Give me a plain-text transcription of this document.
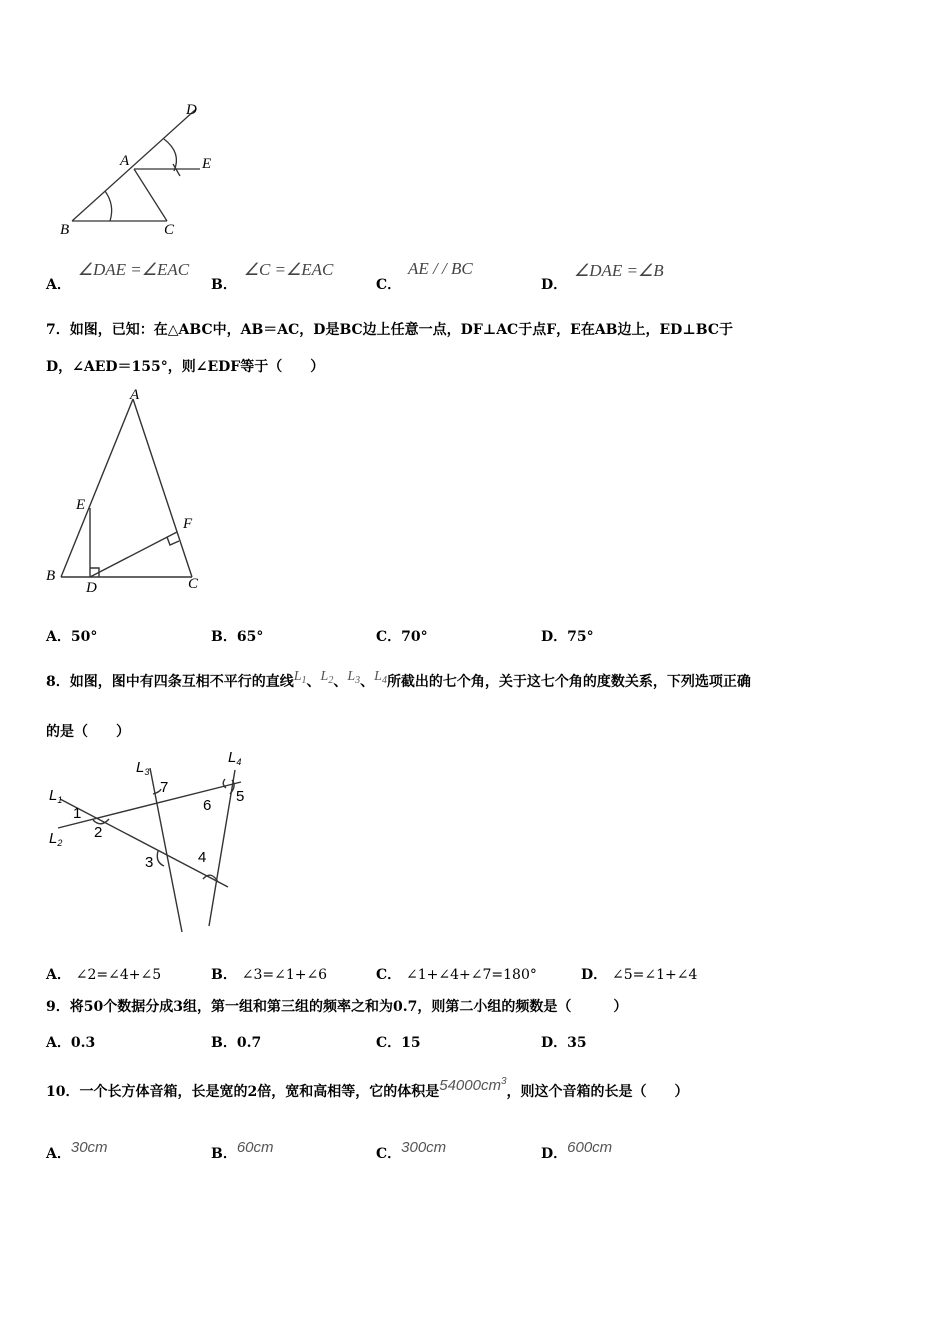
D
A	E
B	C
A． ∠DAE =∠EAC
B． ∠C =∠EAC
C． AE / / BC
D． ∠DAE =∠B
7．如图，已知：在△ABC中，AB＝AC，D是BC边上任意一点，DF⊥AC于点F，E在AB边上，ED⊥BC于
D，∠AED＝155°，则∠EDF等于（　　）
A
E
F
B
D	C
A．50°	B．65°	C．70°	D．75°
8．如图，图中有四条互相不平行的直线$L_1$、$L_2$、$L_3$、$L_4$所截出的七个角，关于这七个角的度数关系，下列选项正确
的是（　　）
$L_1$
$L_2$
$L_3$
$L_4$
1
2
3	4
5
6
7
A． ∠2=∠4+∠5	B． ∠3=∠1+∠6	C． ∠1+∠4+∠7=180°	D． ∠5=∠1+∠4
9．将50个数据分成3组，第一组和第三组的频率之和为0.7，则第二小组的频数是（　　　）
A．0.3	B．0.7	C．15	D．35
10．一个长方体音箱，长是宽的2倍，宽和高相等，它的体积是$54000cm^3$，则这个音箱的长是（　　）
A．30cm	B．60cm	C．300cm	D．600cm
